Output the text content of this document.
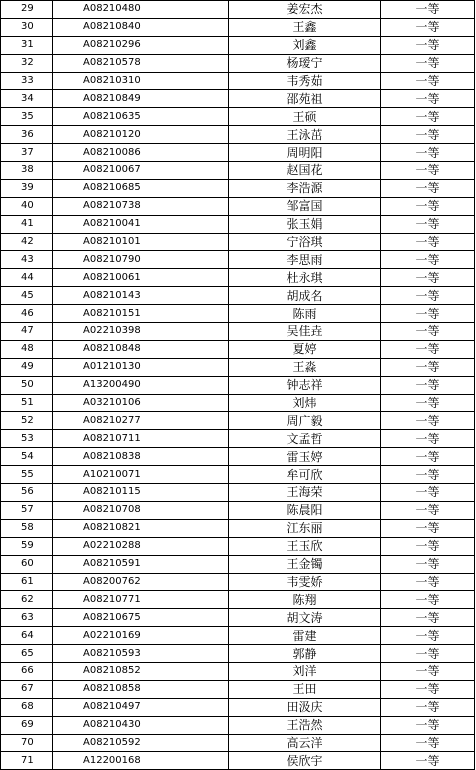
29	A08210480	姜宏杰	一等
30	A08210840	王鑫	一等
31	A08210296	刘鑫	一等
32	A08210578	杨瑷宁	一等
33	A08210310	韦秀茹	一等
34	A08210849	邵苑祖	一等
35	A08210635	王硕	一等
36	A08210120	王泳茁	一等
37	A08210086	周明阳	一等
38	A08210067	赵国花	一等
39	A08210685	李浩源	一等
40	A08210738	邹富国	一等
41	A08210041	张玉娟	一等
42	A08210101	宁浴琪	一等
43	A08210790	李思雨	一等
44	A08210061	杜永琪	一等
45	A08210143	胡成名	一等
46	A08210151	陈雨	一等
47	A02210398	吴佳垚	一等
48	A08210848	夏婷	一等
49	A01210130	王淼	一等
50	A13200490	钟志祥	一等
51	A03210106	刘炜	一等
52	A08210277	周广毅	一等
53	A08210711	文孟哲	一等
54	A08210838	雷玉婷	一等
55	A10210071	牟可欣	一等
56	A08210115	王海荣	一等
57	A08210708	陈晨阳	一等
58	A08210821	江东丽	一等
59	A02210288	王玉欣	一等
60	A08210591	王金镯	一等
61	A08200762	韦雯娇	一等
62	A08210771	陈翔	一等
63	A08210675	胡文涛	一等
64	A02210169	雷建	一等
65	A08210593	郭静	一等
66	A08210852	刘洋	一等
67	A08210858	王田	一等
68	A08210497	田汲庆	一等
69	A08210430	王浩然	一等
70	A08210592	高云洋	一等
71	A12200168	侯欣宇	一等
